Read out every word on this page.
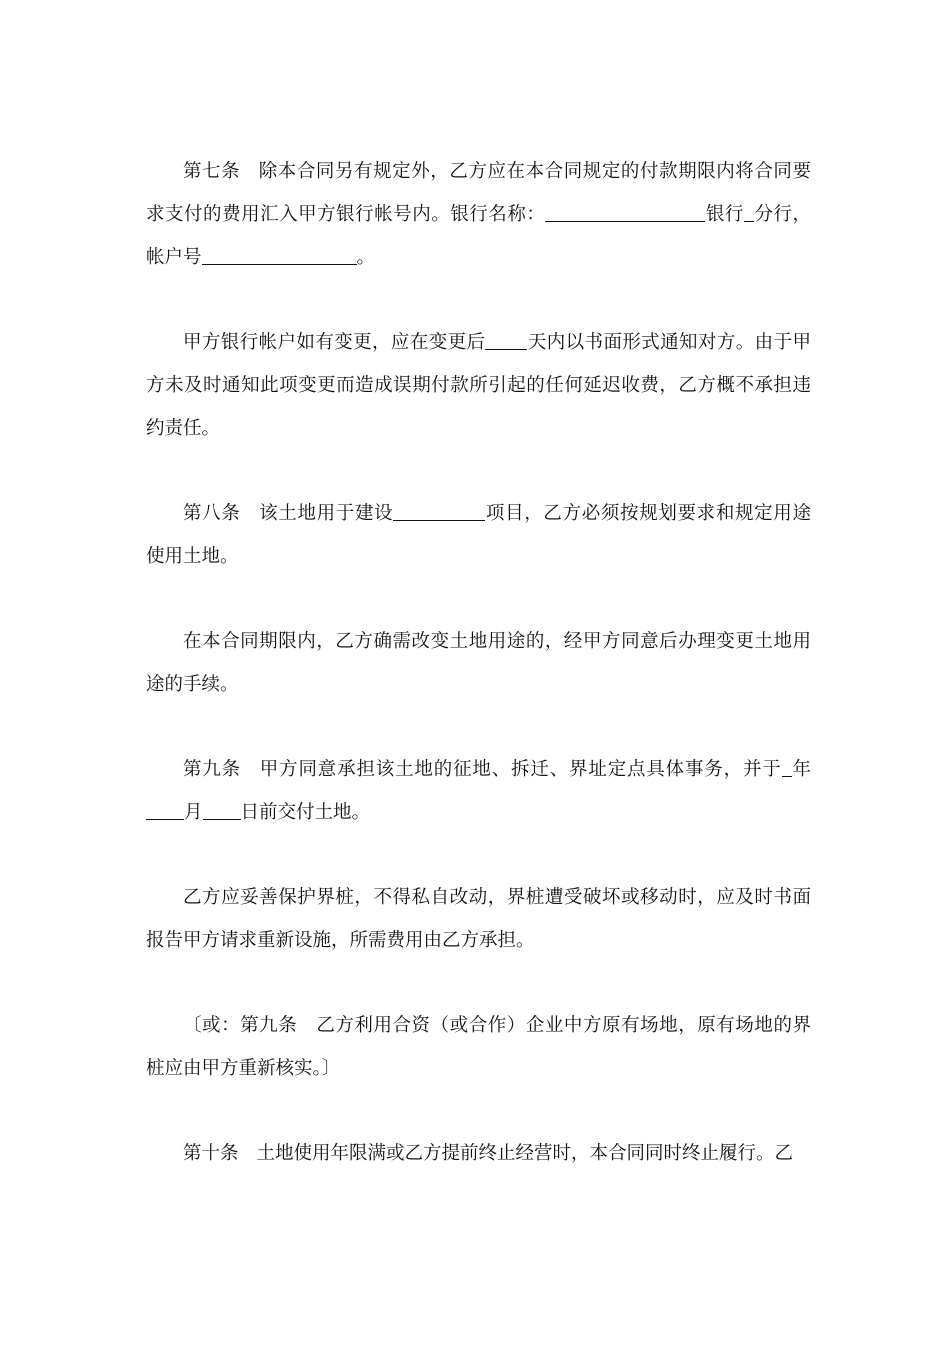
第七条 除本合同另有规定外，乙方应在本合同规定的付款期限内将合同要求支付的费用汇入甲方银行帐号内。银行名称：	银行 分行，帐户号	。

甲方银行帐户如有变更，应在变更后 天内以书面形式通知对方。由于甲方未及时通知此项变更而造成误期付款所引起的任何延迟收费，乙方概不承担违约责任。

第八条 该土地用于建设	项目，乙方必须按规划要求和规定用途使用土地。

在本合同期限内，乙方确需改变土地用途的，经甲方同意后办理变更土地用途的手续。

第九条 甲方同意承担该土地的征地、拆迁、界址定点具体事务，并于 年月 日前交付土地。

乙方应妥善保护界桩，不得私自改动，界桩遭受破坏或移动时，应及时书面报告甲方请求重新设施，所需费用由乙方承担。

〔或：第九条　乙方利用合资（或合作）企业中方原有场地，原有场地的界桩应由甲方重新核实。〕

第十条 土地使用年限满或乙方提前终止经营时，本合同同时终止履行。乙
